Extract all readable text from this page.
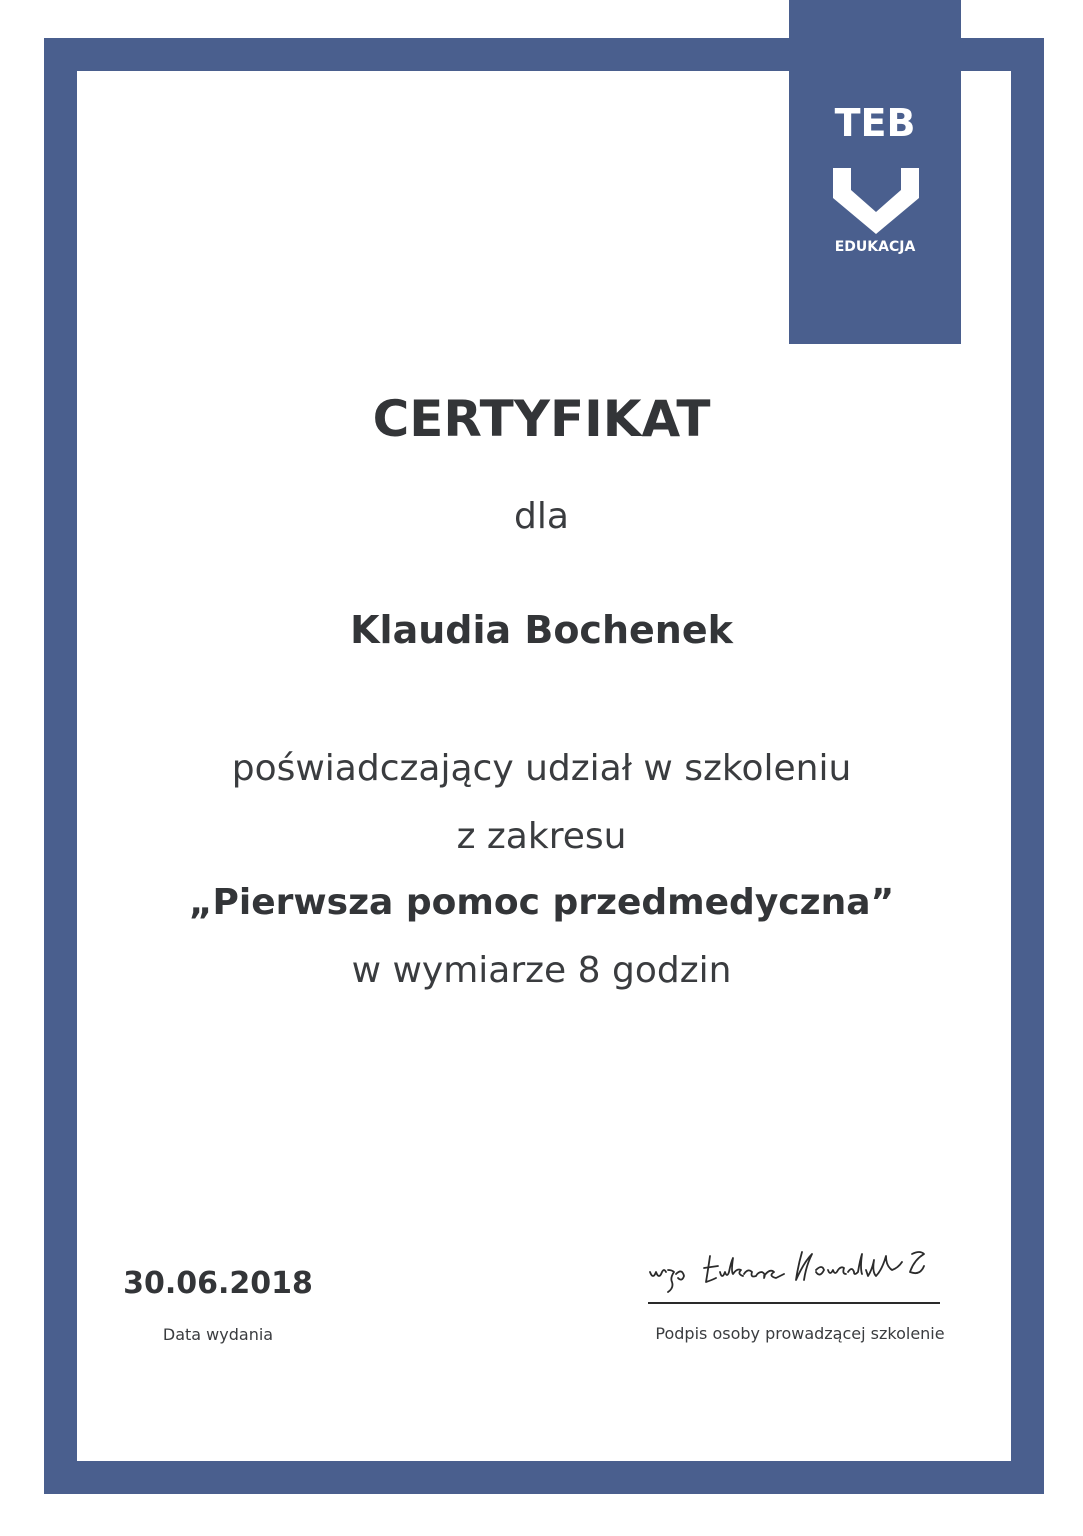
TEB
EDUKACJA
CERTYFIKAT
dla
Klaudia Bochenek
poświadczający udział w szkoleniu
z zakresu
„Pierwsza pomoc przedmedyczna”
w wymiarze 8 godzin
30.06.2018
Data wydania	Podpis osoby prowadzącej szkolenie
